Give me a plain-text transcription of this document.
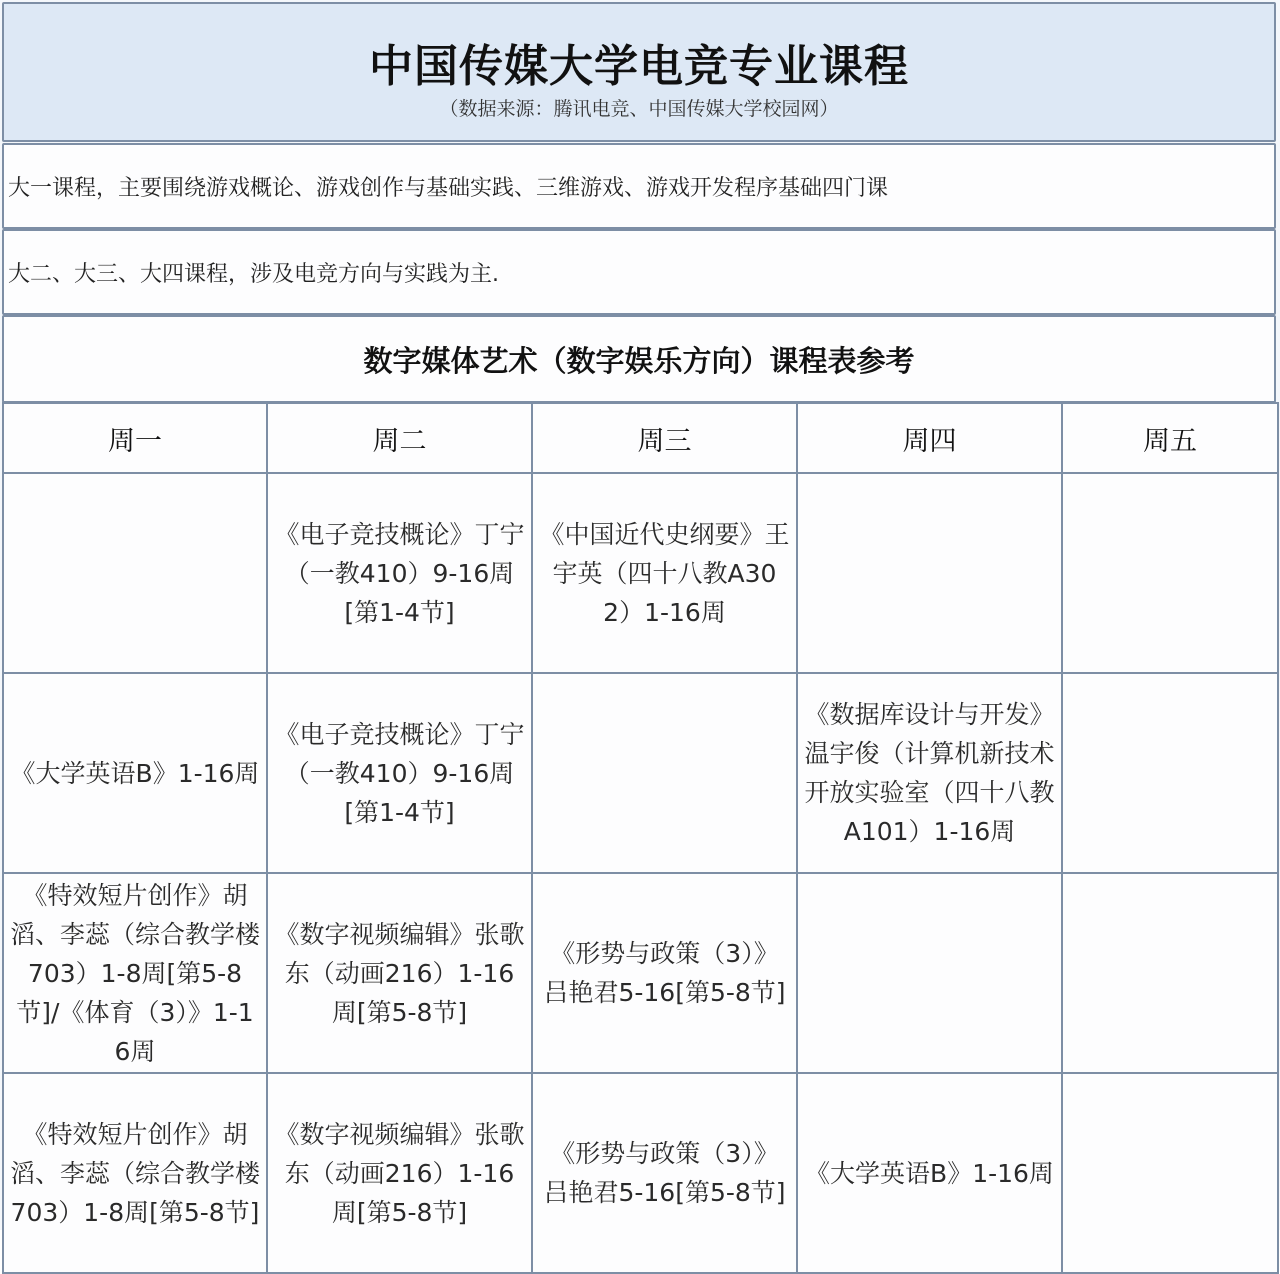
中国传媒大学电竞专业课程
（数据来源：腾讯电竞、中国传媒大学校园网）
大一课程，主要围绕游戏概论、游戏创作与基础实践、三维游戏、游戏开发程序基础四门课
大二、大三、大四课程，涉及电竞方向与实践为主.
数字媒体艺术（数字娱乐方向）课程表参考
周一	周二	周三	周四	周五
	《电子竞技概论》丁宁（一教410）9-16周[第1-4节]	《中国近代史纲要》王宇英（四十八教A302）1-16周		
《大学英语B》1-16周	《电子竞技概论》丁宁（一教410）9-16周[第1-4节]		《数据库设计与开发》温宇俊（计算机新技术开放实验室（四十八教A101）1-16周	
《特效短片创作》胡滔、李蕊（综合教学楼703）1-8周[第5-8节]/《体育（3）》1-16周	《数字视频编辑》张歌东（动画216）1-16周[第5-8节]	《形势与政策（3）》吕艳君5-16[第5-8节]		
《特效短片创作》胡滔、李蕊（综合教学楼703）1-8周[第5-8节]	《数字视频编辑》张歌东（动画216）1-16周[第5-8节]	《形势与政策（3）》吕艳君5-16[第5-8节]	《大学英语B》1-16周	
